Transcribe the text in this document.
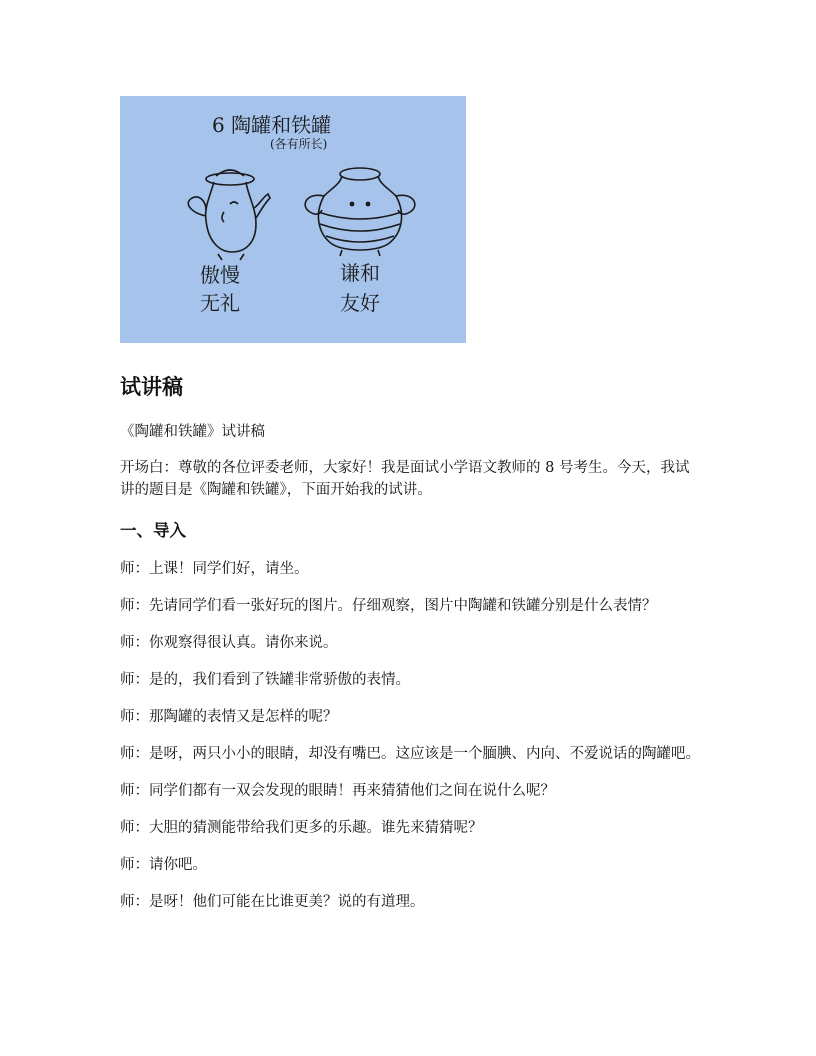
6 陶罐和铁罐
(各有所长)
傲慢
无礼
谦和
友好
试讲稿

《陶罐和铁罐》试讲稿

开场白：尊敬的各位评委老师，大家好！我是面试小学语文教师的 8 号考生。今天，我试讲的题目是《陶罐和铁罐》，下面开始我的试讲。

一、导入

师：上课！同学们好，请坐。

师：先请同学们看一张好玩的图片。仔细观察，图片中陶罐和铁罐分别是什么表情？

师：你观察得很认真。请你来说。

师：是的，我们看到了铁罐非常骄傲的表情。

师：那陶罐的表情又是怎样的呢？

师：是呀，两只小小的眼睛，却没有嘴巴。这应该是一个腼腆、内向、不爱说话的陶罐吧。

师：同学们都有一双会发现的眼睛！再来猜猜他们之间在说什么呢？

师：大胆的猜测能带给我们更多的乐趣。谁先来猜猜呢？

师：请你吧。

师：是呀！他们可能在比谁更美？说的有道理。
